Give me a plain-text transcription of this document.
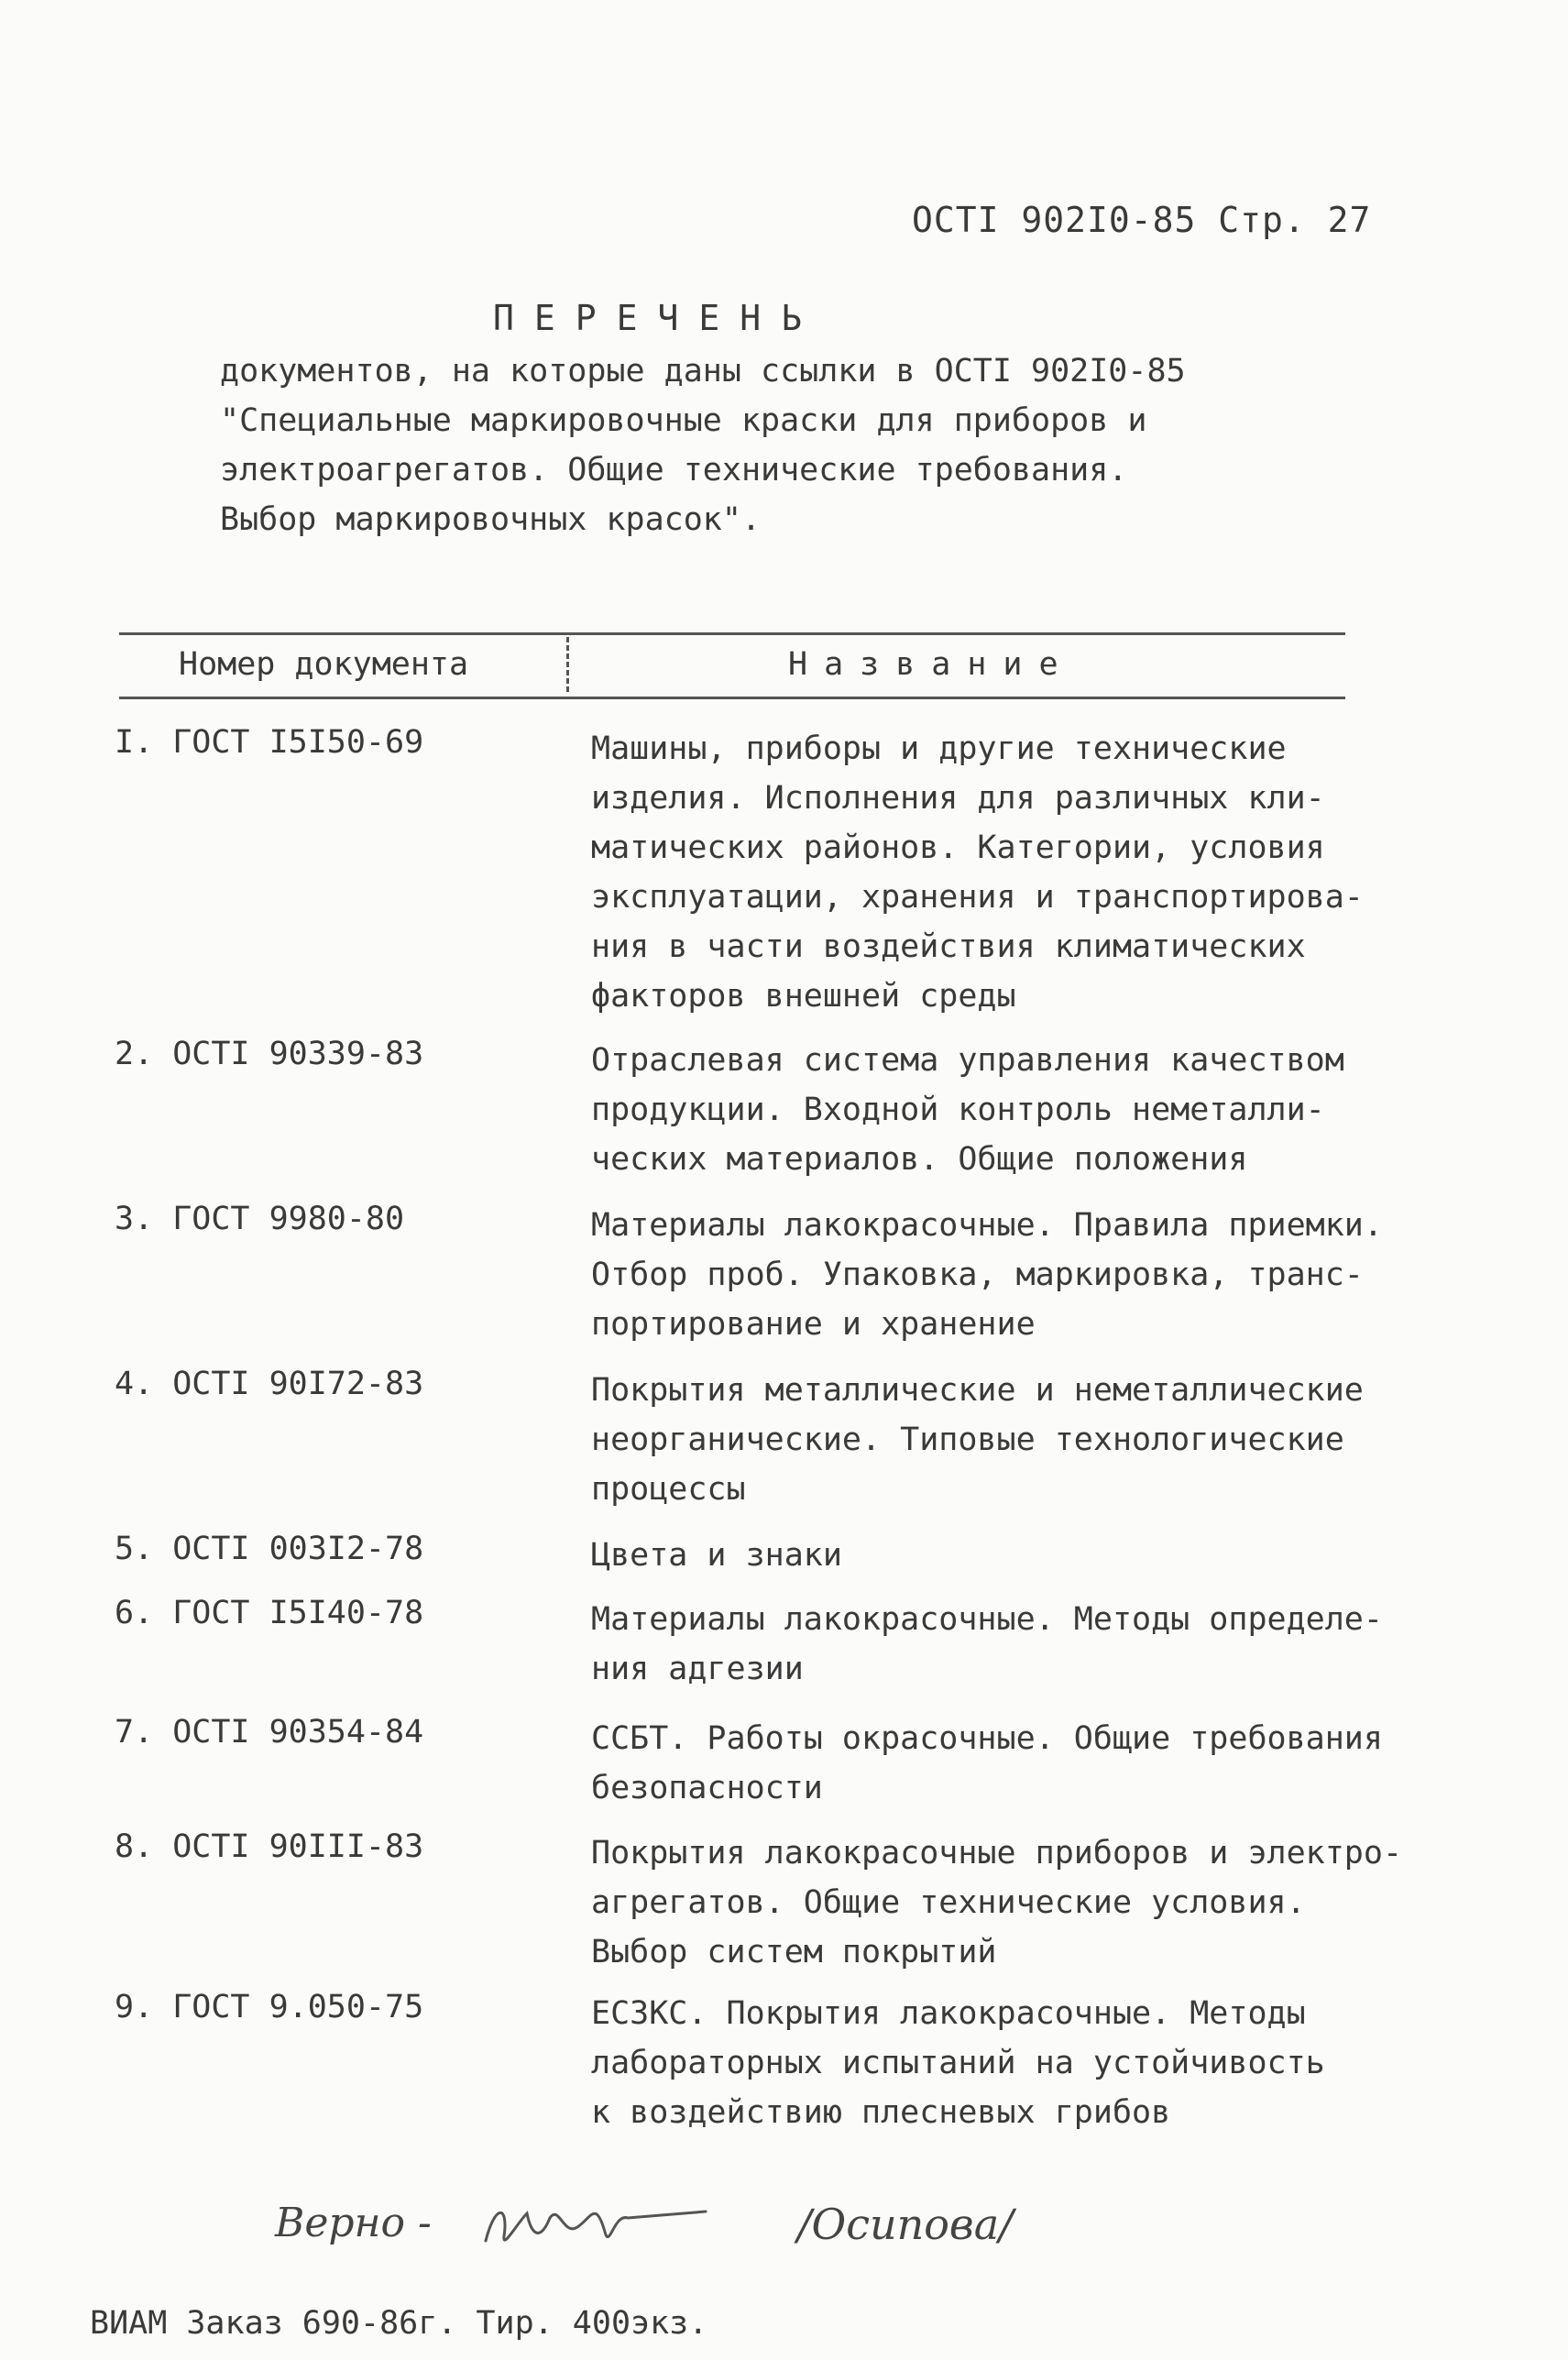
ОСТI 902I0-85 Стр. 27
ПЕРЕЧЕНЬ
документов, на которые даны ссылки в ОСТI 902I0-85
"Специальные маркировочные краски для приборов и
электроагрегатов. Общие технические требования.
Выбор маркировочных красок".
Номер документа	Название
I. ГОСТ I5I50-69	Машины, приборы и другие технические
изделия. Исполнения для различных кли-
матических районов. Категории, условия
эксплуатации, хранения и транспортирова-
ния в части воздействия климатических
факторов внешней среды
2. ОСТI 90339-83	Отраслевая система управления качеством
продукции. Входной контроль неметалли-
ческих материалов. Общие положения
3. ГОСТ 9980-80	Материалы лакокрасочные. Правила приемки.
Отбор проб. Упаковка, маркировка, транс-
портирование и хранение
4. ОСТI 90I72-83	Покрытия металлические и неметаллические
неорганические. Типовые технологические
процессы
5. ОСТI 003I2-78	Цвета и знаки
6. ГОСТ I5I40-78	Материалы лакокрасочные. Методы определе-
ния адгезии
7. ОСТI 90354-84	ССБТ. Работы окрасочные. Общие требования
безопасности
8. ОСТI 90III-83	Покрытия лакокрасочные приборов и электро-
агрегатов. Общие технические условия.
Выбор систем покрытий
9. ГОСТ 9.050-75	ЕСЗКС. Покрытия лакокрасочные. Методы
лабораторных испытаний на устойчивость
к воздействию плесневых грибов
Верно -	/Осипова/
ВИАМ Заказ 690-86г. Тир. 400экз.
